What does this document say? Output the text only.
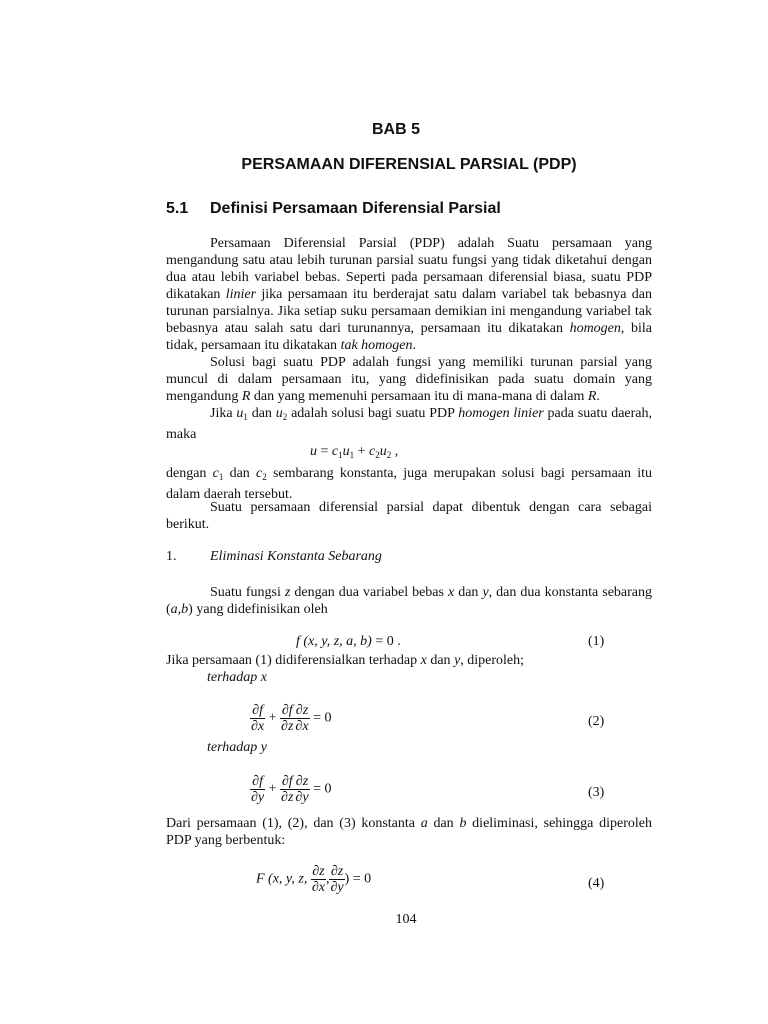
BAB 5
PERSAMAAN DIFERENSIAL PARSIAL (PDP)
5.1 Definisi Persamaan Diferensial Parsial
Persamaan Diferensial Parsial (PDP) adalah Suatu persamaan yang mengandung satu atau lebih turunan parsial suatu fungsi yang tidak diketahui dengan dua atau lebih variabel bebas. Seperti pada persamaan diferensial biasa, suatu PDP dikatakan linier jika persamaan itu berderajat satu dalam variabel tak bebasnya dan turunan parsialnya. Jika setiap suku persamaan demikian ini mengandung variabel tak bebasnya atau salah satu dari turunannya, persamaan itu dikatakan homogen, bila tidak, persamaan itu dikatakan tak homogen.
Solusi bagi suatu PDP adalah fungsi yang memiliki turunan parsial yang muncul di dalam persamaan itu, yang didefinisikan pada suatu domain yang mengandung R dan yang memenuhi persamaan itu di mana-mana di dalam R.
Jika $u_1$ dan $u_2$ adalah solusi bagi suatu PDP homogen linier pada suatu daerah, maka
$u = c_1u_1 + c_2u_2$ ,
dengan $c_1$ dan $c_2$ sembarang konstanta, juga merupakan solusi bagi persamaan itu dalam daerah tersebut.
Suatu persamaan diferensial parsial dapat dibentuk dengan cara sebagai berikut.
1. Eliminasi Konstanta Sebarang
Suatu fungsi z dengan dua variabel bebas x dan y, dan dua konstanta sebarang (a,b) yang didefinisikan oleh
f (x, y, z, a, b) = 0 .	(1)
Jika persamaan (1) didiferensialkan terhadap x dan y, diperoleh;
terhadap x
$\frac{\partial f}{\partial x} + \frac{\partial f}{\partial z} \frac{\partial z}{\partial x} = 0$	(2)
terhadap y
$\frac{\partial f}{\partial y} + \frac{\partial f}{\partial z} \frac{\partial z}{\partial y} = 0$	(3)
Dari persamaan (1), (2), dan (3) konstanta a dan b dieliminasi, sehingga diperoleh PDP yang berbentuk:
F (x, y, z, $\frac{\partial z}{\partial x}$ , $\frac{\partial z}{\partial y}$ ) = 0	(4)
104
